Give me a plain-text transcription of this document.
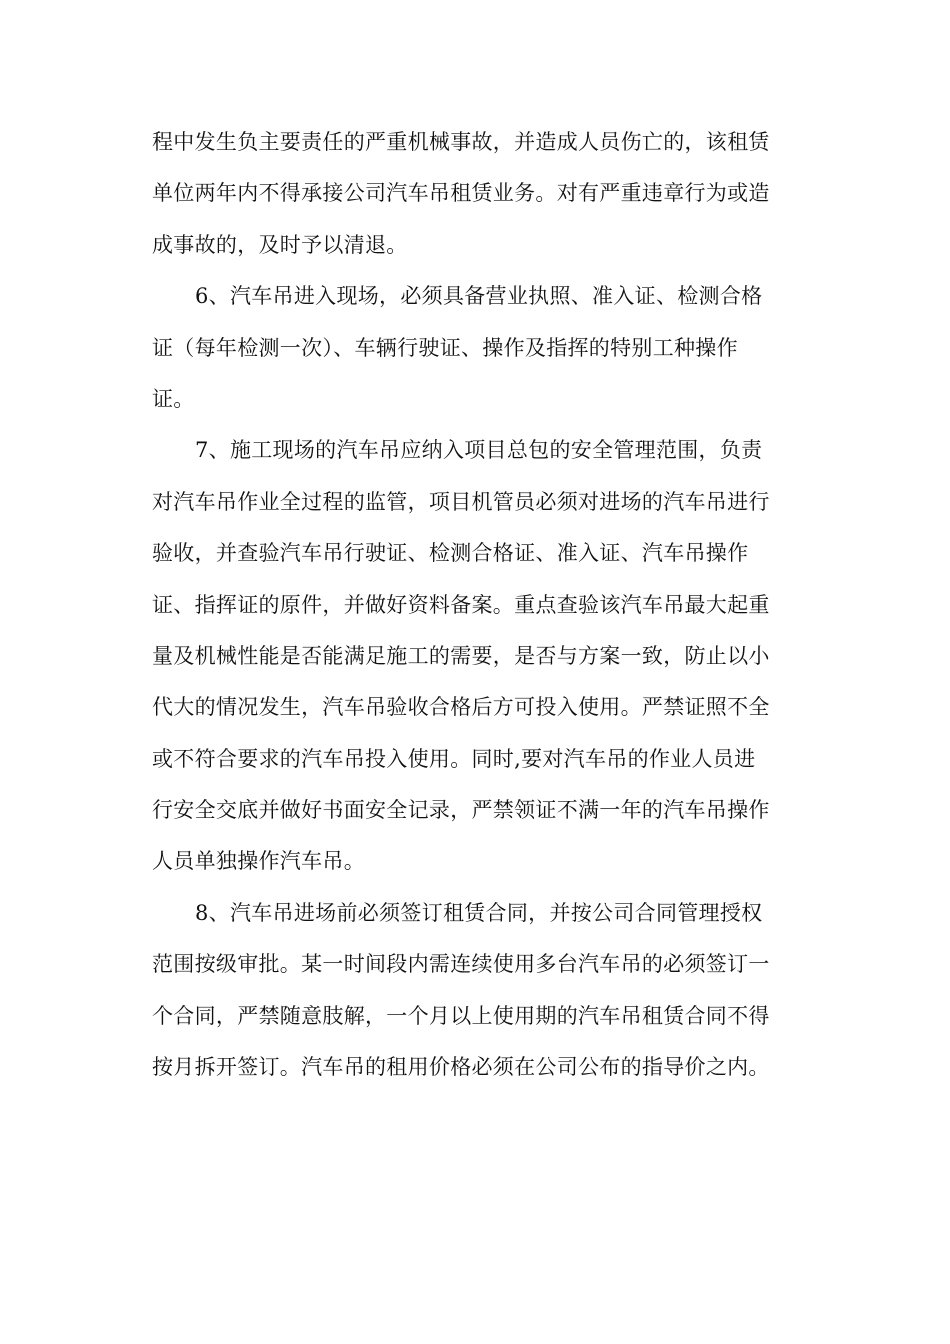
程中发生负主要责任的严重机械事故，并造成人员伤亡的，该租赁
单位两年内不得承接公司汽车吊租赁业务。对有严重违章行为或造
成事故的，及时予以清退。
6、汽车吊进入现场，必须具备营业执照、准入证、检测合格
证（每年检测一次）、车辆行驶证、操作及指挥的特别工种操作
证。
7、施工现场的汽车吊应纳入项目总包的安全管理范围，负责
对汽车吊作业全过程的监管，项目机管员必须对进场的汽车吊进行
验收，并查验汽车吊行驶证、检测合格证、准入证、汽车吊操作
证、指挥证的原件，并做好资料备案。重点查验该汽车吊最大起重
量及机械性能是否能满足施工的需要，是否与方案一致，防止以小
代大的情况发生，汽车吊验收合格后方可投入使用。严禁证照不全
或不符合要求的汽车吊投入使用。同时,要对汽车吊的作业人员进
行安全交底并做好书面安全记录，严禁领证不满一年的汽车吊操作
人员单独操作汽车吊。
8、汽车吊进场前必须签订租赁合同，并按公司合同管理授权
范围按级审批。某一时间段内需连续使用多台汽车吊的必须签订一
个合同，严禁随意肢解，一个月以上使用期的汽车吊租赁合同不得
按月拆开签订。汽车吊的租用价格必须在公司公布的指导价之内。
